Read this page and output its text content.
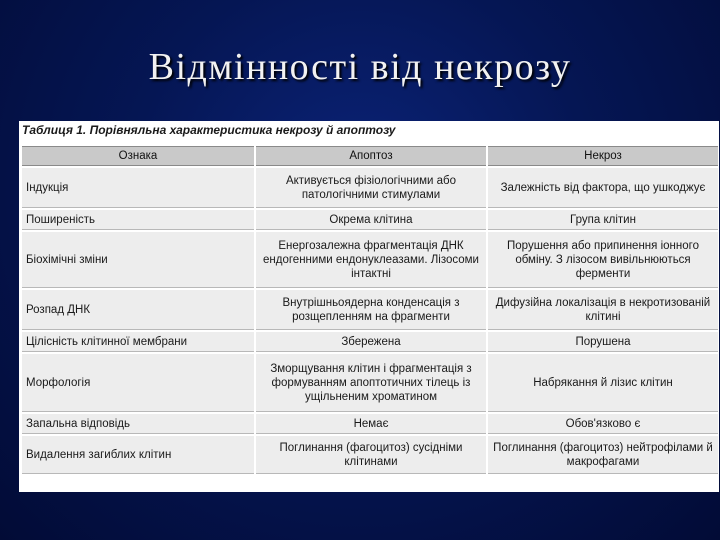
Відмінності від некрозу
Таблиця 1. Порівняльна характеристика некрозу й апоптозу
Ознака	Апоптоз	Некроз
Індукція	Активується фізіологічними або патологічними стимулами	Залежність від фактора, що ушкоджує
Поширеність	Окрема клітина	Група клітин
Біохімічні зміни	Енергозалежна фрагментація ДНК ендогенними ендонуклеазами. Лізосоми інтактні	Порушення або припинення іонного обміну. З лізосом вивільнюються ферменти
Розпад ДНК	Внутрішньоядерна конденсація з розщепленням на фрагменти	Дифузійна локалізація в некротизованій клітині
Цілісність клітинної мембрани	Збережена	Порушена
Морфологія	Зморщування клітин і фрагментація з формуванням апоптотичних тілець із ущільненим хроматином	Набрякання й лізис клітин
Запальна відповідь	Немає	Обов'язково є
Видалення загиблих клітин	Поглинання (фагоцитоз) сусідніми клітинами	Поглинання (фагоцитоз) нейтрофілами й макрофагами
